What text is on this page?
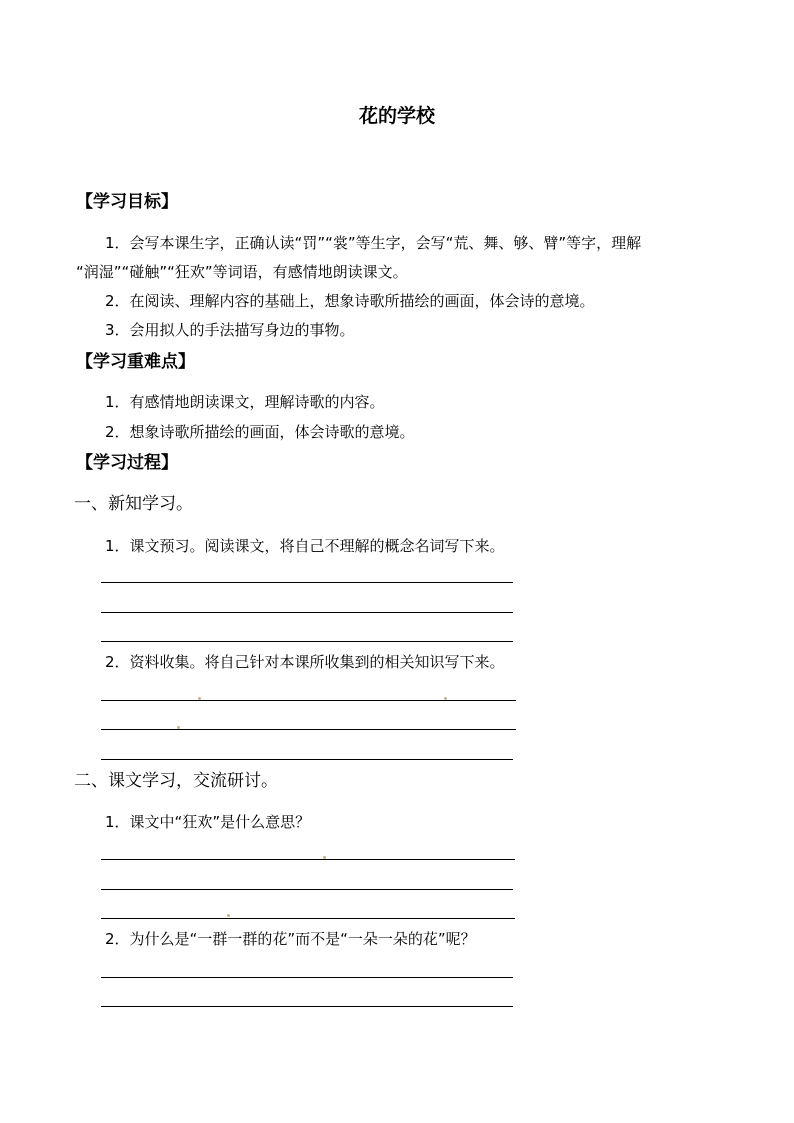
花的学校
【学习目标】
1．会写本课生字，正确认读“罚”“裳”等生字，会写“荒、舞、够、臂”等字，理解
“润湿”“碰触”“狂欢”等词语，有感情地朗读课文。
2．在阅读、理解内容的基础上，想象诗歌所描绘的画面，体会诗的意境。
3．会用拟人的手法描写身边的事物。
【学习重难点】
1．有感情地朗读课文，理解诗歌的内容。
2．想象诗歌所描绘的画面，体会诗歌的意境。
【学习过程】
一、新知学习。
1．课文预习。阅读课文，将自己不理解的概念名词写下来。
2．资料收集。将自己针对本课所收集到的相关知识写下来。
二、课文学习，交流研讨。
1．课文中“狂欢”是什么意思？
2．为什么是“一群一群的花”而不是“一朵一朵的花”呢？
